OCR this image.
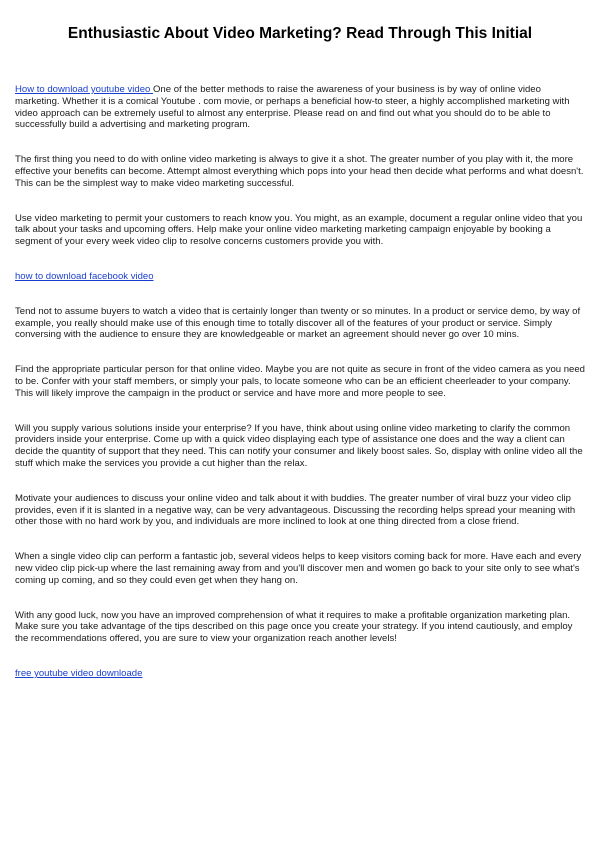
Enthusiastic About Video Marketing? Read Through This Initial

How to download youtube video One of the better methods to raise the awareness of your business is by way of online video marketing. Whether it is a comical Youtube . com movie, or perhaps a beneficial how-to steer, a highly accomplished marketing with video approach can be extremely useful to almost any enterprise. Please read on and find out what you should do to be able to successfully build a advertising and marketing program.

The first thing you need to do with online video marketing is always to give it a shot. The greater number of you play with it, the more effective your benefits can become. Attempt almost everything which pops into your head then decide what performs and what doesn't. This can be the simplest way to make video marketing successful.

Use video marketing to permit your customers to reach know you. You might, as an example, document a regular online video that you talk about your tasks and upcoming offers. Help make your online video marketing marketing campaign enjoyable by booking a segment of your every week video clip to resolve concerns customers provide you with.

how to download facebook video

Tend not to assume buyers to watch a video that is certainly longer than twenty or so minutes. In a product or service demo, by way of example, you really should make use of this enough time to totally discover all of the features of your product or service. Simply conversing with the audience to ensure they are knowledgeable or market an agreement should never go over 10 mins.

Find the appropriate particular person for that online video. Maybe you are not quite as secure in front of the video camera as you need to be. Confer with your staff members, or simply your pals, to locate someone who can be an efficient cheerleader to your company. This will likely improve the campaign in the product or service and have more and more people to see.

Will you supply various solutions inside your enterprise? If you have, think about using online video marketing to clarify the common providers inside your enterprise. Come up with a quick video displaying each type of assistance one does and the way a client can decide the quantity of support that they need. This can notify your consumer and likely boost sales. So, display with online video all the stuff which make the services you provide a cut higher than the relax.

Motivate your audiences to discuss your online video and talk about it with buddies. The greater number of viral buzz your video clip provides, even if it is slanted in a negative way, can be very advantageous. Discussing the recording helps spread your meaning with other those with no hard work by you, and individuals are more inclined to look at one thing directed from a close friend.

When a single video clip can perform a fantastic job, several videos helps to keep visitors coming back for more. Have each and every new video clip pick-up where the last remaining away from and you'll discover men and women go back to your site only to see what's coming up coming, and so they could even get when they hang on.

With any good luck, now you have an improved comprehension of what it requires to make a profitable organization marketing plan. Make sure you take advantage of the tips described on this page once you create your strategy. If you intend cautiously, and employ the recommendations offered, you are sure to view your organization reach another levels!

free youtube video downloade
